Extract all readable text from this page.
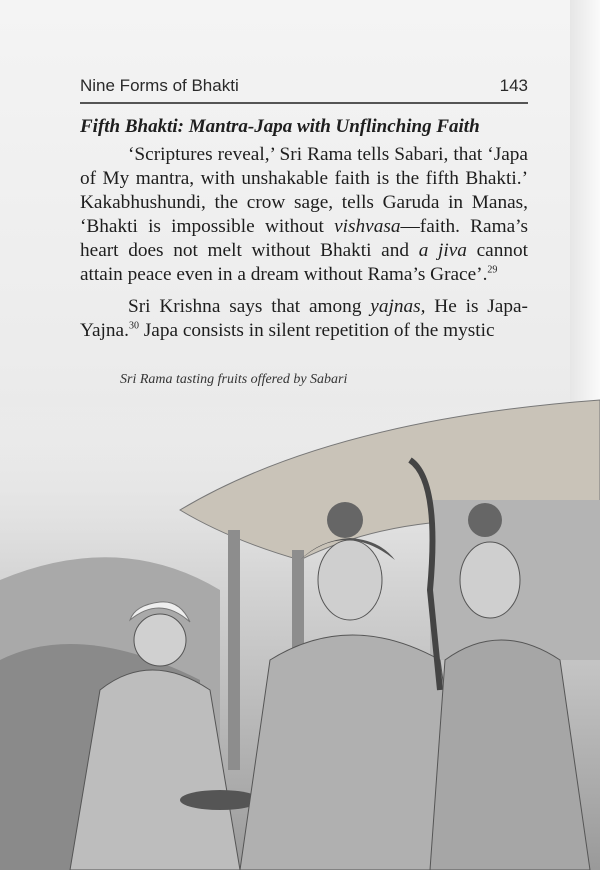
Nine Forms of Bhakti	143
Fifth Bhakti: Mantra-Japa with Unflinching Faith

‘Scriptures reveal,’ Sri Rama tells Sabari, that ‘Japa of My mantra, with unshakable faith is the fifth Bhakti.’ Kakabhushundi, the crow sage, tells Garuda in Manas, ‘Bhakti is impossible without vishvasa—faith. Rama’s heart does not melt without Bhakti and a jiva cannot attain peace even in a dream without Rama’s Grace’.$^{29}$

Sri Krishna says that among yajnas, He is Japa-Yajna.$^{30}$ Japa consists in silent repetition of the mystic

Sri Rama tasting fruits offered by Sabari
